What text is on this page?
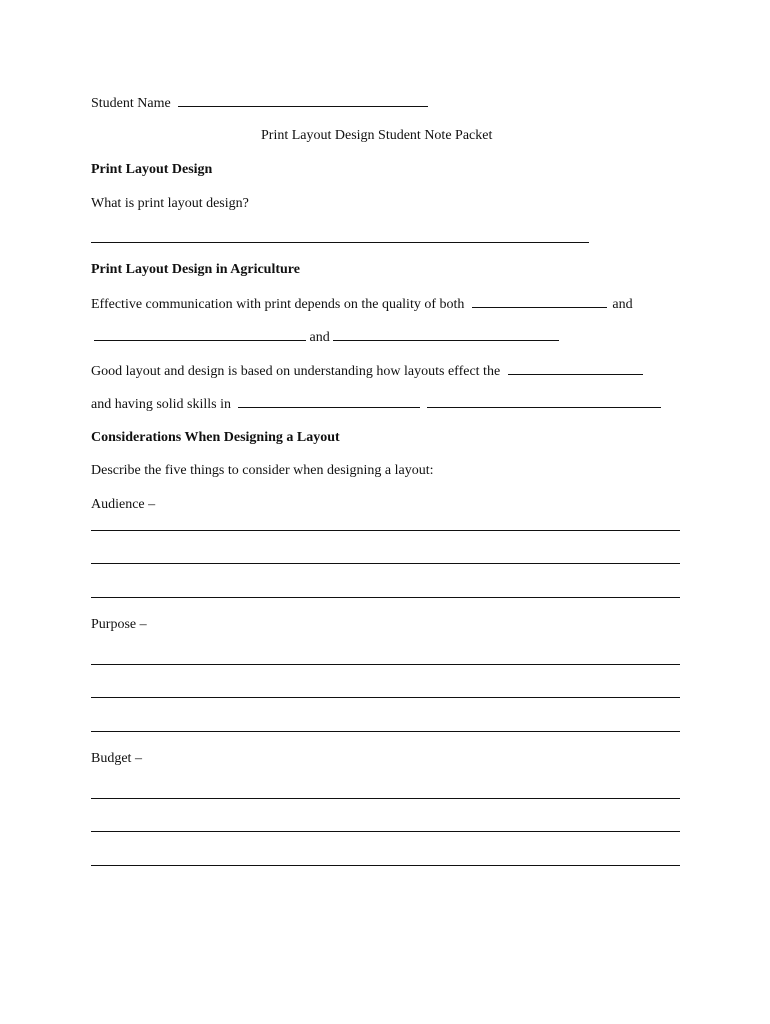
Student Name
Print Layout Design Student Note Packet
Print Layout Design
What is print layout design?
Print Layout Design in Agriculture
Effective communication with print depends on the quality of both	and
and
Good layout and design is based on understanding how layouts effect the
and having solid skills in
Considerations When Designing a Layout
Describe the five things to consider when designing a layout:
Audience –
Purpose –
Budget –
